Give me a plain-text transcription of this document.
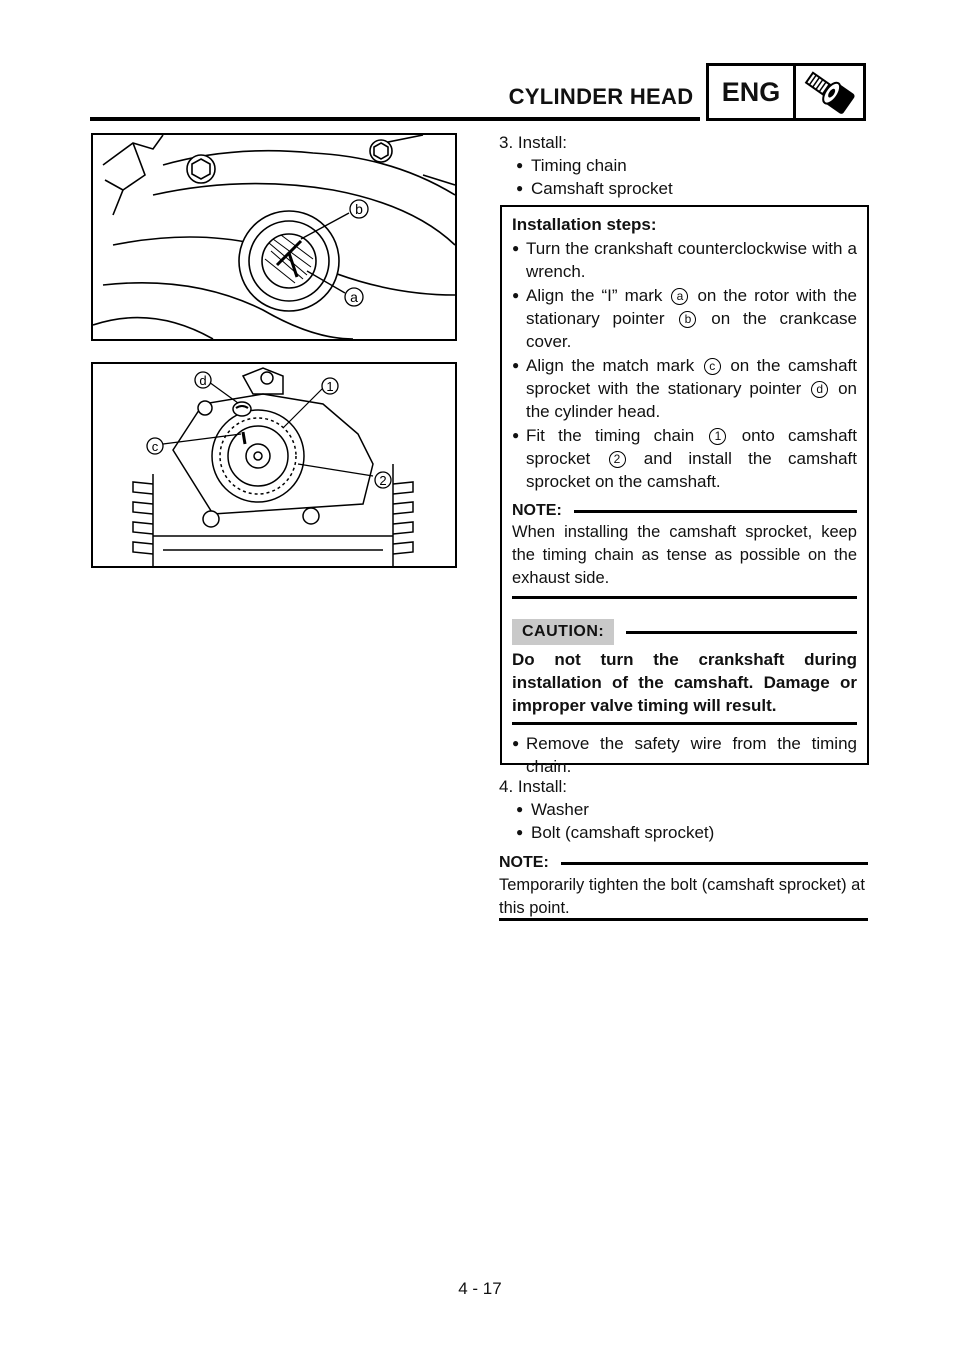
CYLINDER HEAD	ENG
b
a
d	1
c
2
3. Install:
● Timing chain
● Camshaft sprocket
Installation steps:
● Turn the crankshaft counterclockwise with a wrench.
● Align the “I” mark a on the rotor with the stationary pointer b on the crankcase cover.
● Align the match mark c on the camshaft sprocket with the stationary pointer d on the cylinder head.
● Fit the timing chain 1 onto camshaft sprocket 2 and install the camshaft sprocket on the camshaft.
NOTE:
When installing the camshaft sprocket, keep the timing chain as tense as possible on the exhaust side.
CAUTION:
Do not turn the crankshaft during installation of the camshaft. Damage or improper valve timing will result.
● Remove the safety wire from the timing chain.
4. Install:
● Washer
● Bolt (camshaft sprocket)
NOTE:
Temporarily tighten the bolt (camshaft sprocket) at this point.
4 - 17
